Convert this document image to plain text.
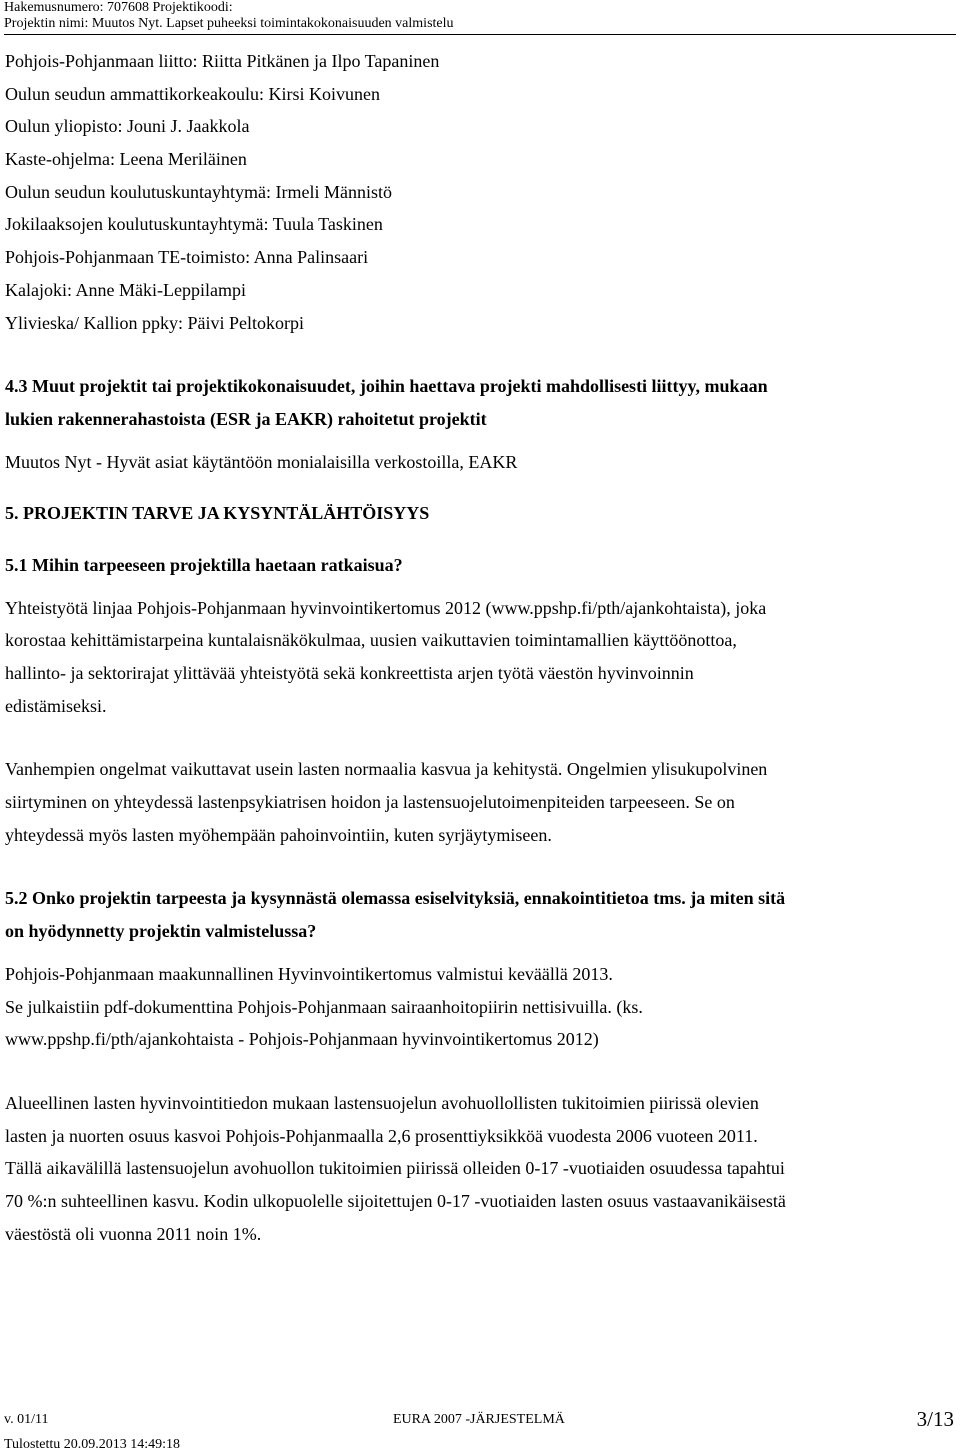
Hakemusnumero: 707608 Projektikoodi:
Projektin nimi: Muutos Nyt. Lapset puheeksi toimintakokonaisuuden valmistelu
Pohjois-Pohjanmaan liitto: Riitta Pitkänen ja Ilpo Tapaninen
Oulun seudun ammattikorkeakoulu: Kirsi Koivunen
Oulun yliopisto: Jouni J. Jaakkola
Kaste-ohjelma: Leena Meriläinen
Oulun seudun koulutuskuntayhtymä: Irmeli Männistö
Jokilaaksojen koulutuskuntayhtymä: Tuula Taskinen
Pohjois-Pohjanmaan TE-toimisto: Anna Palinsaari
Kalajoki: Anne Mäki-Leppilampi
Ylivieska/ Kallion ppky: Päivi Peltokorpi
4.3 Muut projektit tai projektikokonaisuudet, joihin haettava projekti mahdollisesti liittyy, mukaan
lukien rakennerahastoista (ESR ja EAKR) rahoitetut projektit
Muutos Nyt - Hyvät asiat käytäntöön monialaisilla verkostoilla, EAKR
5. PROJEKTIN TARVE JA KYSYNTÄLÄHTÖISYYS
5.1 Mihin tarpeeseen projektilla haetaan ratkaisua?
Yhteistyötä linjaa Pohjois-Pohjanmaan hyvinvointikertomus 2012 (www.ppshp.fi/pth/ajankohtaista), joka
korostaa kehittämistarpeina kuntalaisnäkökulmaa, uusien vaikuttavien toimintamallien käyttöönottoa,
hallinto- ja sektorirajat ylittävää yhteistyötä sekä konkreettista arjen työtä väestön hyvinvoinnin
edistämiseksi.
Vanhempien ongelmat vaikuttavat usein lasten normaalia kasvua ja kehitystä. Ongelmien ylisukupolvinen
siirtyminen on yhteydessä lastenpsykiatrisen hoidon ja lastensuojelutoimenpiteiden tarpeeseen. Se on
yhteydessä myös lasten myöhempään pahoinvointiin, kuten syrjäytymiseen.
5.2 Onko projektin tarpeesta ja kysynnästä olemassa esiselvityksiä, ennakointitietoa tms. ja miten sitä
on hyödynnetty projektin valmistelussa?
Pohjois-Pohjanmaan maakunnallinen Hyvinvointikertomus valmistui keväällä 2013.
Se julkaistiin pdf-dokumenttina Pohjois-Pohjanmaan sairaanhoitopiirin nettisivuilla. (ks.
www.ppshp.fi/pth/ajankohtaista - Pohjois-Pohjanmaan hyvinvointikertomus 2012)
Alueellinen lasten hyvinvointitiedon mukaan lastensuojelun avohuollollisten tukitoimien piirissä olevien
lasten ja nuorten osuus kasvoi Pohjois-Pohjanmaalla 2,6 prosenttiyksikköä vuodesta 2006 vuoteen 2011.
Tällä aikavälillä lastensuojelun avohuollon tukitoimien piirissä olleiden 0-17 -vuotiaiden osuudessa tapahtui
70 %:n suhteellinen kasvu. Kodin ulkopuolelle sijoitettujen 0-17 -vuotiaiden lasten osuus vastaavanikäisestä
väestöstä oli vuonna 2011 noin 1%.
v. 01/11	EURA 2007 -JÄRJESTELMÄ	3/13
Tulostettu 20.09.2013 14:49:18
